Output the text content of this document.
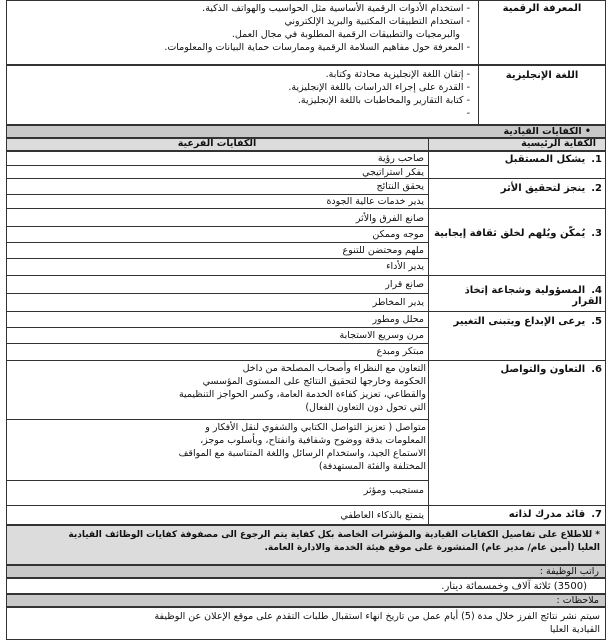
المعرفة الرقمية
- استخدام الأدوات الرقمية الأساسية مثل الحواسيب والهواتف الذكية.
- استخدام التطبيقات المكتبية والبريد الإلكتروني
والبرمجيات والتطبيقات الرقمية المطلوبة في مجال العمل.
- المعرفة حول مفاهيم السلامة الرقمية وممارسات حماية البيانات والمعلومات.
اللغة الإنجليزية
- إتقان اللغة الإنجليزية محادثة وكتابة.
- القدرة على إجراء الدراسات باللغة الإنجليزية.
- كتابة التقارير والمخاطبات باللغة الإنجليزية.
-
• الكفايات القيادية
الكفاية الرئيسية
الكفايات الفرعية
1.يشكل المستقبل
صاحب رؤية
يفكر استراتيجي
2.ينجز لتحقيق الأثر
يحقق النتائج
يدير خدمات عالية الجودة
3.يُمكّن ويُلهم لخلق ثقافة إيجابية
صانع الفرق والأثر
موجه وممكن
ملهم ومحتضن للتنوع
يدير الأداء
4.المسؤولية وشجاعة إتخاذ القرار
صانع قرار
يدير المخاطر
5.يرعى الإبداع ويتبنى التغيير
محلل ومطور
مرن وسريع الاستجابة
مبتكر ومبدع
6.التعاون والتواصل
التعاون مع النظراء وأصحاب المصلحة من داخل
الحكومة وخارجها لتحقيق النتائج على المستوى المؤسسي
والقطاعي، تعزيز كفاءة الخدمة العامة، وكسر الحواجز التنظيمية
التي تحول دون التعاون الفعال)
متواصل ( تعزيز التواصل الكتابي والشفوي لنقل الأفكار و
المعلومات بدقة ووضوح وشفافية وانفتاح، وبأسلوب موجز،
الاستماع الجيد، واستخدام الرسائل واللغة المتناسبة مع المواقف
المختلفة والفئة المستهدفة)
مستجيب ومؤثر
7.قائد مدرك لذاته
يتمتع بالذكاء العاطفي
* للاطلاع على تفاصيل الكفايات القيادية والمؤشرات الخاصة بكل كفاية يتم الرجوع الى مصفوفة كفايات الوظائف القيادية
العليا (أمين عام/ مدير عام) المنشورة على موقع هيئة الخدمة والادارة العامة.
راتب الوظيفة :
(3500) ثلاثة آلاف وخمسمائة دينار.
ملاحظات :
سيتم نشر نتائج الفرز خلال مدة (5) أيام عمل من تاريخ انهاء استقبال طلبات التقدم على موقع الإعلان عن الوظيفة
القيادية العليا
